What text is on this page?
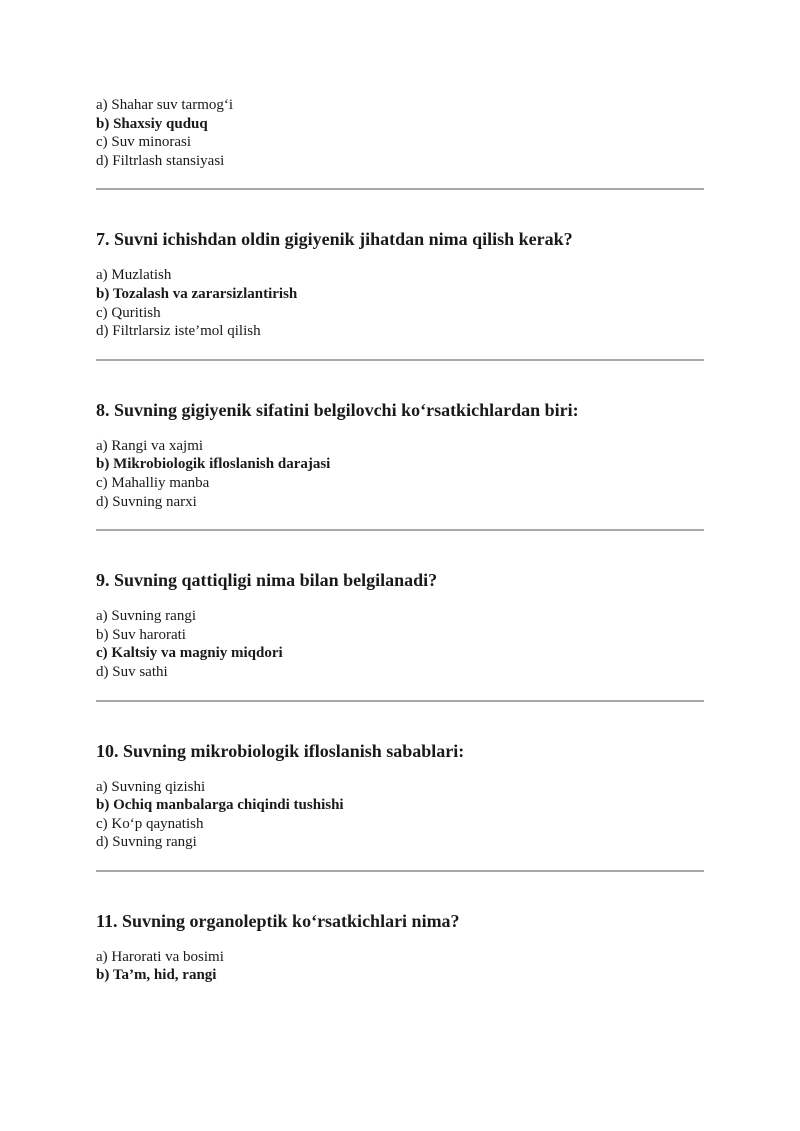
a) Shahar suv tarmog‘i
b) Shaxsiy quduq
c) Suv minorasi
d) Filtrlash stansiyasi
7. Suvni ichishdan oldin gigiyenik jihatdan nima qilish kerak?
a) Muzlatish
b) Tozalash va zararsizlantirish
c) Quritish
d) Filtrlarsiz iste’mol qilish
8. Suvning gigiyenik sifatini belgilovchi ko‘rsatkichlardan biri:
a) Rangi va xajmi
b) Mikrobiologik ifloslanish darajasi
c) Mahalliy manba
d) Suvning narxi
9. Suvning qattiqligi nima bilan belgilanadi?
a) Suvning rangi
b) Suv harorati
c) Kaltsiy va magniy miqdori
d) Suv sathi
10. Suvning mikrobiologik ifloslanish sabablari:
a) Suvning qizishi
b) Ochiq manbalarga chiqindi tushishi
c) Ko‘p qaynatish
d) Suvning rangi
11. Suvning organoleptik ko‘rsatkichlari nima?
a) Harorati va bosimi
b) Ta’m, hid, rangi
